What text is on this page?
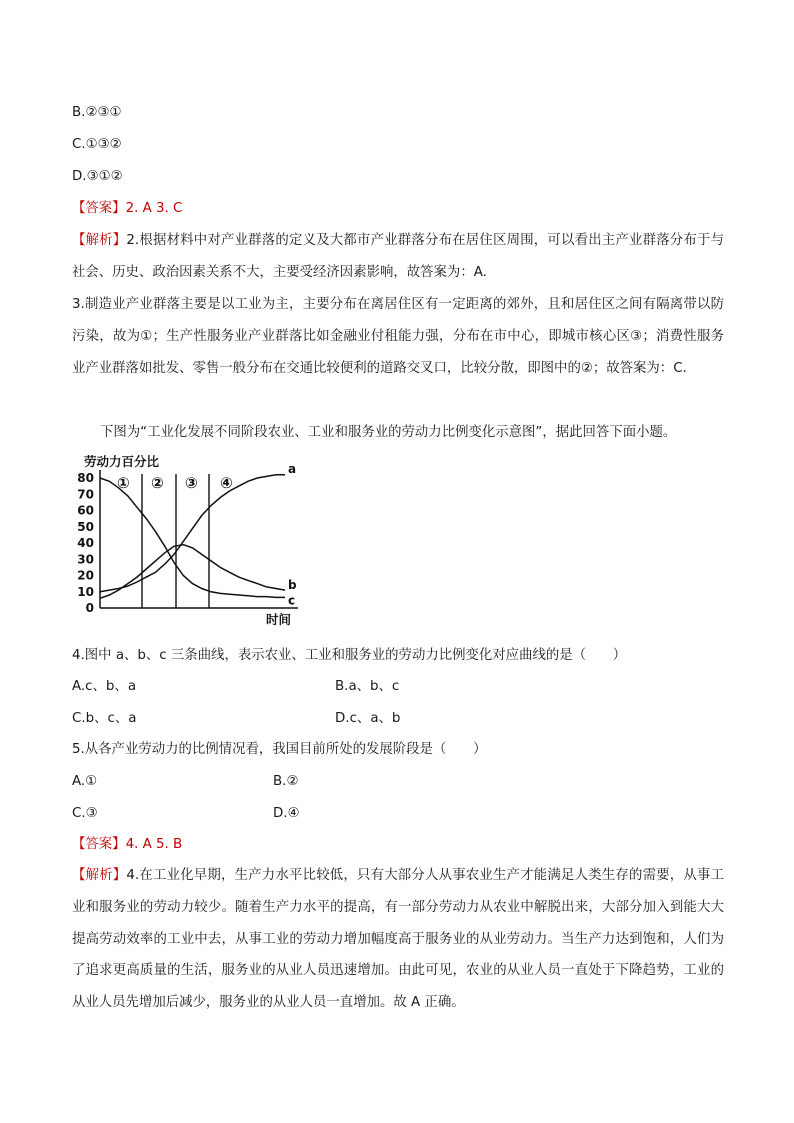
B.②③①
C.①③②
D.③①②
【答案】2. A 3. C
【解析】2.根据材料中对产业群落的定义及大都市产业群落分布在居住区周围，可以看出主产业群落分布于与社会、历史、政治因素关系不大，主要受经济因素影响，故答案为：A.
3.制造业产业群落主要是以工业为主，主要分布在离居住区有一定距离的郊外，且和居住区之间有隔离带以防污染，故为①；生产性服务业产业群落比如金融业付租能力强，分布在市中心，即城市核心区③；消费性服务业产业群落如批发、零售一般分布在交通比较便利的道路交叉口，比较分散，即图中的②；故答案为：C.
下图为“工业化发展不同阶段农业、工业和服务业的劳动力比例变化示意图”，据此回答下面小题。
劳动力百分比
80
70
60
50
40
30
20
10
0
① ② ③ ④
a
b
c
时间
4.图中 a、b、c 三条曲线，表示农业、工业和服务业的劳动力比例变化对应曲线的是（　　）
A.c、b、a	B.a、b、c
C.b、c、a	D.c、a、b
5.从各产业劳动力的比例情况看，我国目前所处的发展阶段是（　　）
A.①	B.②
C.③	D.④
【答案】4. A 5. B
【解析】4.在工业化早期，生产力水平比较低，只有大部分人从事农业生产才能满足人类生存的需要，从事工业和服务业的劳动力较少。随着生产力水平的提高，有一部分劳动力从农业中解脱出来，大部分加入到能大大提高劳动效率的工业中去，从事工业的劳动力增加幅度高于服务业的从业劳动力。当生产力达到饱和，人们为了追求更高质量的生活，服务业的从业人员迅速增加。由此可见，农业的从业人员一直处于下降趋势，工业的从业人员先增加后减少，服务业的从业人员一直增加。故 A 正确。
